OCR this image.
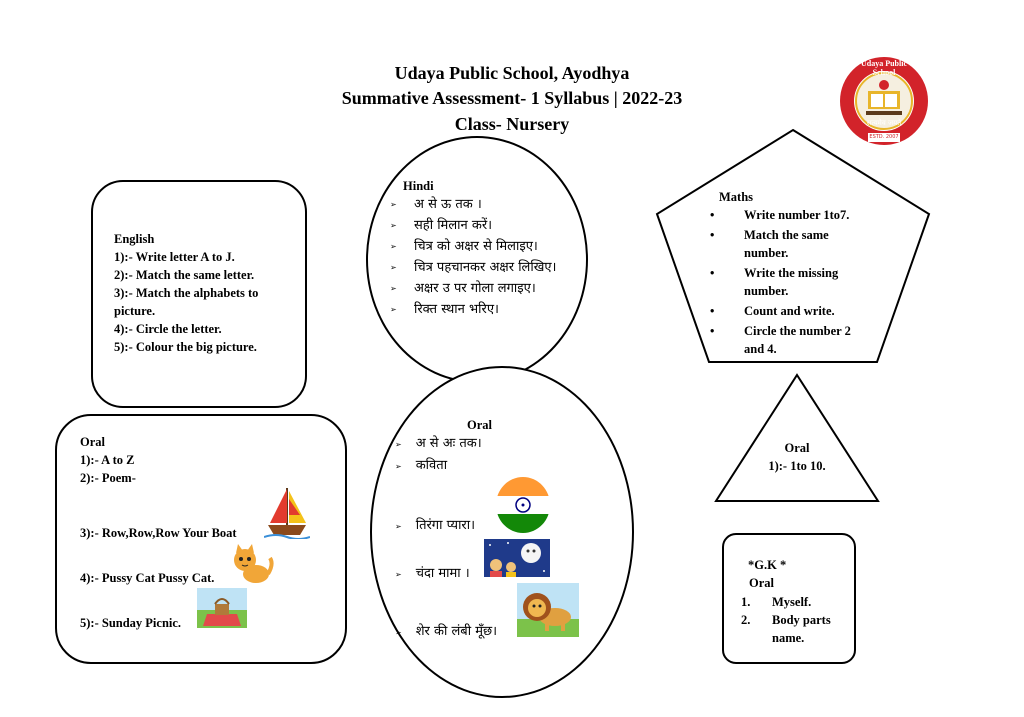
Udaya Public School, Ayodhya
Summative Assessment- 1 Syllabus | 2022-23
Class- Nursery
Udaya Public School
सत्यमेव जयते
ESTD. 2007
English
1):- Write letter A to J.
2):- Match the same letter.
3):- Match the alphabets to picture.
4):- Circle the letter.
5):- Colour the big picture.
Hindi
➢ अ से ऊ तक ।
➢ सही मिलान करें।
➢ चित्र को अक्षर से मिलाइए।
➢ चित्र पहचानकर अक्षर लिखिए।
➢ अक्षर उ पर गोला लगाइए।
➢ रिक्त स्थान भरिए।
Maths
• Write number 1to7.
• Match the same number.
• Write the missing number.
• Count and write.
• Circle the number 2 and 4.
Oral
1):- A to Z
2):- Poem-
3):- Row,Row,Row Your Boat
4):- Pussy Cat Pussy Cat.
5):- Sunday Picnic.
Oral
➢ अ से अः तक।
➢ कविता
➢ तिरंगा प्यारा।
➢ चंदा मामा ।
➢ शेर की लंबी मूँछ।
Oral
1):- 1to 10.
*G.K *
Oral
1. Myself.
2. Body parts name.
